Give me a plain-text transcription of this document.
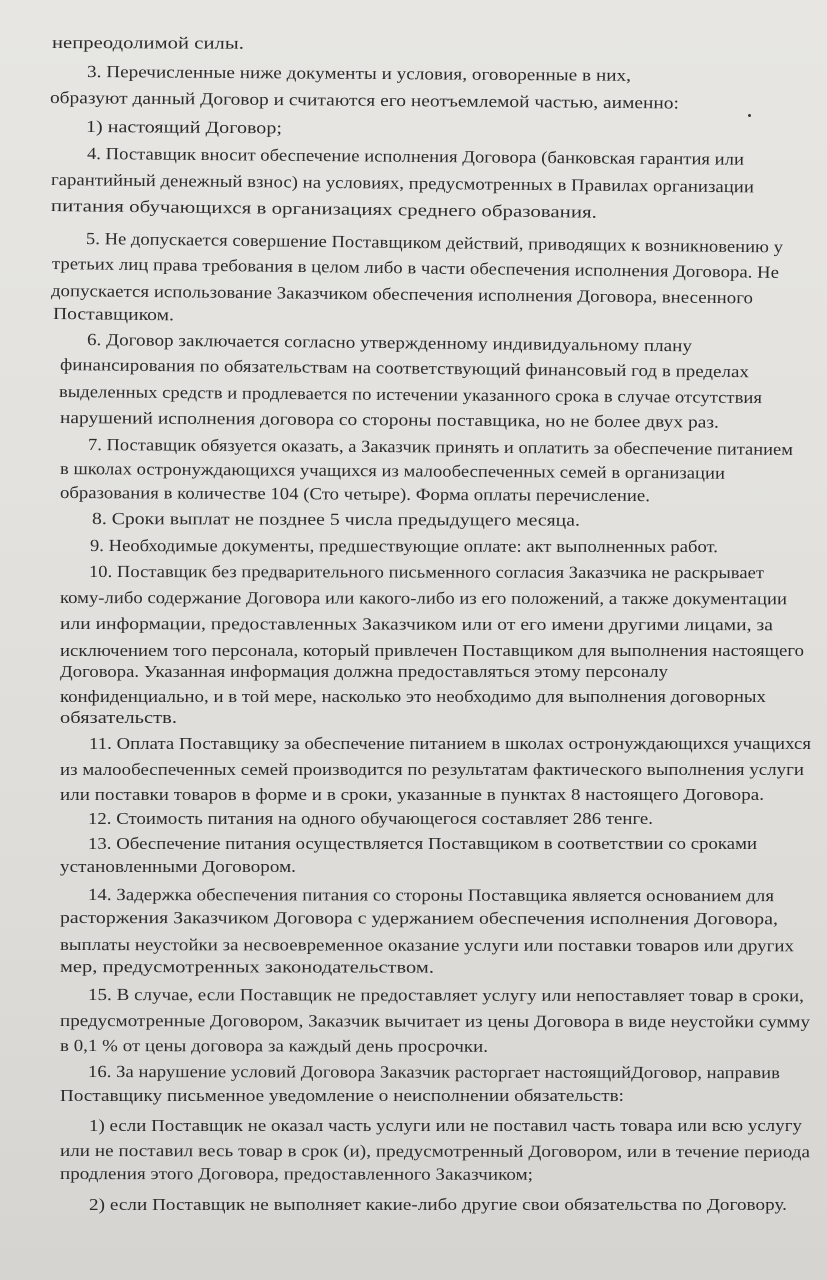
непреодолимой силы.

3. Перечисленные ниже документы и условия, оговоренные в них,

образуют данный Договор и считаются его неотъемлемой частью, аименно:

1) настоящий Договор;

4. Поставщик вносит обеспечение исполнения Договора (банковская гарантия или

гарантийный денежный взнос) на условиях, предусмотренных в Правилах организации

питания обучающихся в организациях среднего образования.

5. Не допускается совершение Поставщиком действий, приводящих к возникновению у

третьих лиц права требования в целом либо в части обеспечения исполнения Договора. Не

допускается использование Заказчиком обеспечения исполнения Договора, внесенного

Поставщиком.

6. Договор заключается согласно утвержденному индивидуальному плану

финансирования по обязательствам на соответствующий финансовый год в пределах

выделенных средств и продлевается по истечении указанного срока в случае отсутствия

нарушений исполнения договора со стороны поставщика, но не более двух раз.

7. Поставщик обязуется оказать, а Заказчик принять и оплатить за обеспечение питанием

в школах остронуждающихся учащихся из малообеспеченных семей в организации

образования в количестве 104 (Сто четыре). Форма оплаты перечисление.

8. Сроки выплат не позднее 5 числа предыдущего месяца.

9. Необходимые документы, предшествующие оплате: акт выполненных работ.

10. Поставщик без предварительного письменного согласия Заказчика не раскрывает

кому-либо содержание Договора или какого-либо из его положений, а также документации

или информации, предоставленных Заказчиком или от его имени другими лицами, за

исключением того персонала, который привлечен Поставщиком для выполнения настоящего

Договора. Указанная информация должна предоставляться этому персоналу

конфиденциально, и в той мере, насколько это необходимо для выполнения договорных

обязательств.

11. Оплата Поставщику за обеспечение питанием в школах остронуждающихся учащихся

из малообеспеченных семей производится по результатам фактического выполнения услуги

или поставки товаров в форме и в сроки, указанные в пунктах 8 настоящего Договора.

12. Стоимость питания на одного обучающегося составляет 286 тенге.

13. Обеспечение питания осуществляется Поставщиком в соответствии со сроками

установленными Договором.

14. Задержка обеспечения питания со стороны Поставщика является основанием для

расторжения Заказчиком Договора с удержанием обеспечения исполнения Договора,

выплаты неустойки за несвоевременное оказание услуги или поставки товаров или других

мер, предусмотренных законодательством.

15. В случае, если Поставщик не предоставляет услугу или непоставляет товар в сроки,

предусмотренные Договором, Заказчик вычитает из цены Договора в виде неустойки сумму

в 0,1 % от цены договора за каждый день просрочки.

16. За нарушение условий Договора Заказчик расторгает настоящийДоговор, направив

Поставщику письменное уведомление о неисполнении обязательств:

1) если Поставщик не оказал часть услуги или не поставил часть товара или всю услугу

или не поставил весь товар в срок (и), предусмотренный Договором, или в течение периода

продления этого Договора, предоставленного Заказчиком;

2) если Поставщик не выполняет какие-либо другие свои обязательства по Договору.
